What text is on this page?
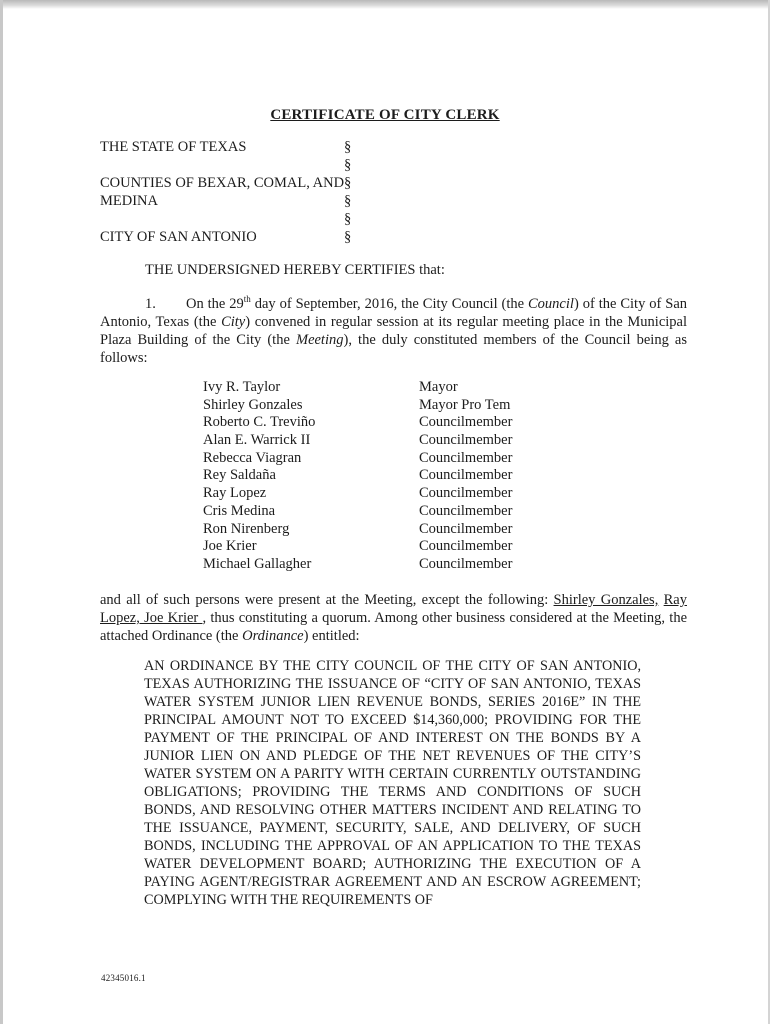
CERTIFICATE OF CITY CLERK
THE STATE OF TEXAS	§
§
COUNTIES OF BEXAR, COMAL, AND §
MEDINA	§
§
CITY OF SAN ANTONIO	§
THE UNDERSIGNED HEREBY CERTIFIES that:
1. On the 29th day of September, 2016, the City Council (the Council) of the City of San Antonio, Texas (the City) convened in regular session at its regular meeting place in the Municipal Plaza Building of the City (the Meeting), the duly constituted members of the Council being as follows:
Ivy R. Taylor	Mayor
Shirley Gonzales	Mayor Pro Tem
Roberto C. Treviño	Councilmember
Alan E. Warrick II	Councilmember
Rebecca Viagran	Councilmember
Rey Saldaña	Councilmember
Ray Lopez	Councilmember
Cris Medina	Councilmember
Ron Nirenberg	Councilmember
Joe Krier	Councilmember
Michael Gallagher	Councilmember
and all of such persons were present at the Meeting, except the following: Shirley Gonzales, Ray Lopez, Joe Krier , thus constituting a quorum. Among other business considered at the Meeting, the attached Ordinance (the Ordinance) entitled:
AN ORDINANCE BY THE CITY COUNCIL OF THE CITY OF SAN ANTONIO, TEXAS AUTHORIZING THE ISSUANCE OF “CITY OF SAN ANTONIO, TEXAS WATER SYSTEM JUNIOR LIEN REVENUE BONDS, SERIES 2016E” IN THE PRINCIPAL AMOUNT NOT TO EXCEED $14,360,000; PROVIDING FOR THE PAYMENT OF THE PRINCIPAL OF AND INTEREST ON THE BONDS BY A JUNIOR LIEN ON AND PLEDGE OF THE NET REVENUES OF THE CITY’S WATER SYSTEM ON A PARITY WITH CERTAIN CURRENTLY OUTSTANDING OBLIGATIONS; PROVIDING THE TERMS AND CONDITIONS OF SUCH BONDS, AND RESOLVING OTHER MATTERS INCIDENT AND RELATING TO THE ISSUANCE, PAYMENT, SECURITY, SALE, AND DELIVERY, OF SUCH BONDS, INCLUDING THE APPROVAL OF AN APPLICATION TO THE TEXAS WATER DEVELOPMENT BOARD; AUTHORIZING THE EXECUTION OF A PAYING AGENT/REGISTRAR AGREEMENT AND AN ESCROW AGREEMENT; COMPLYING WITH THE REQUIREMENTS OF
42345016.1
